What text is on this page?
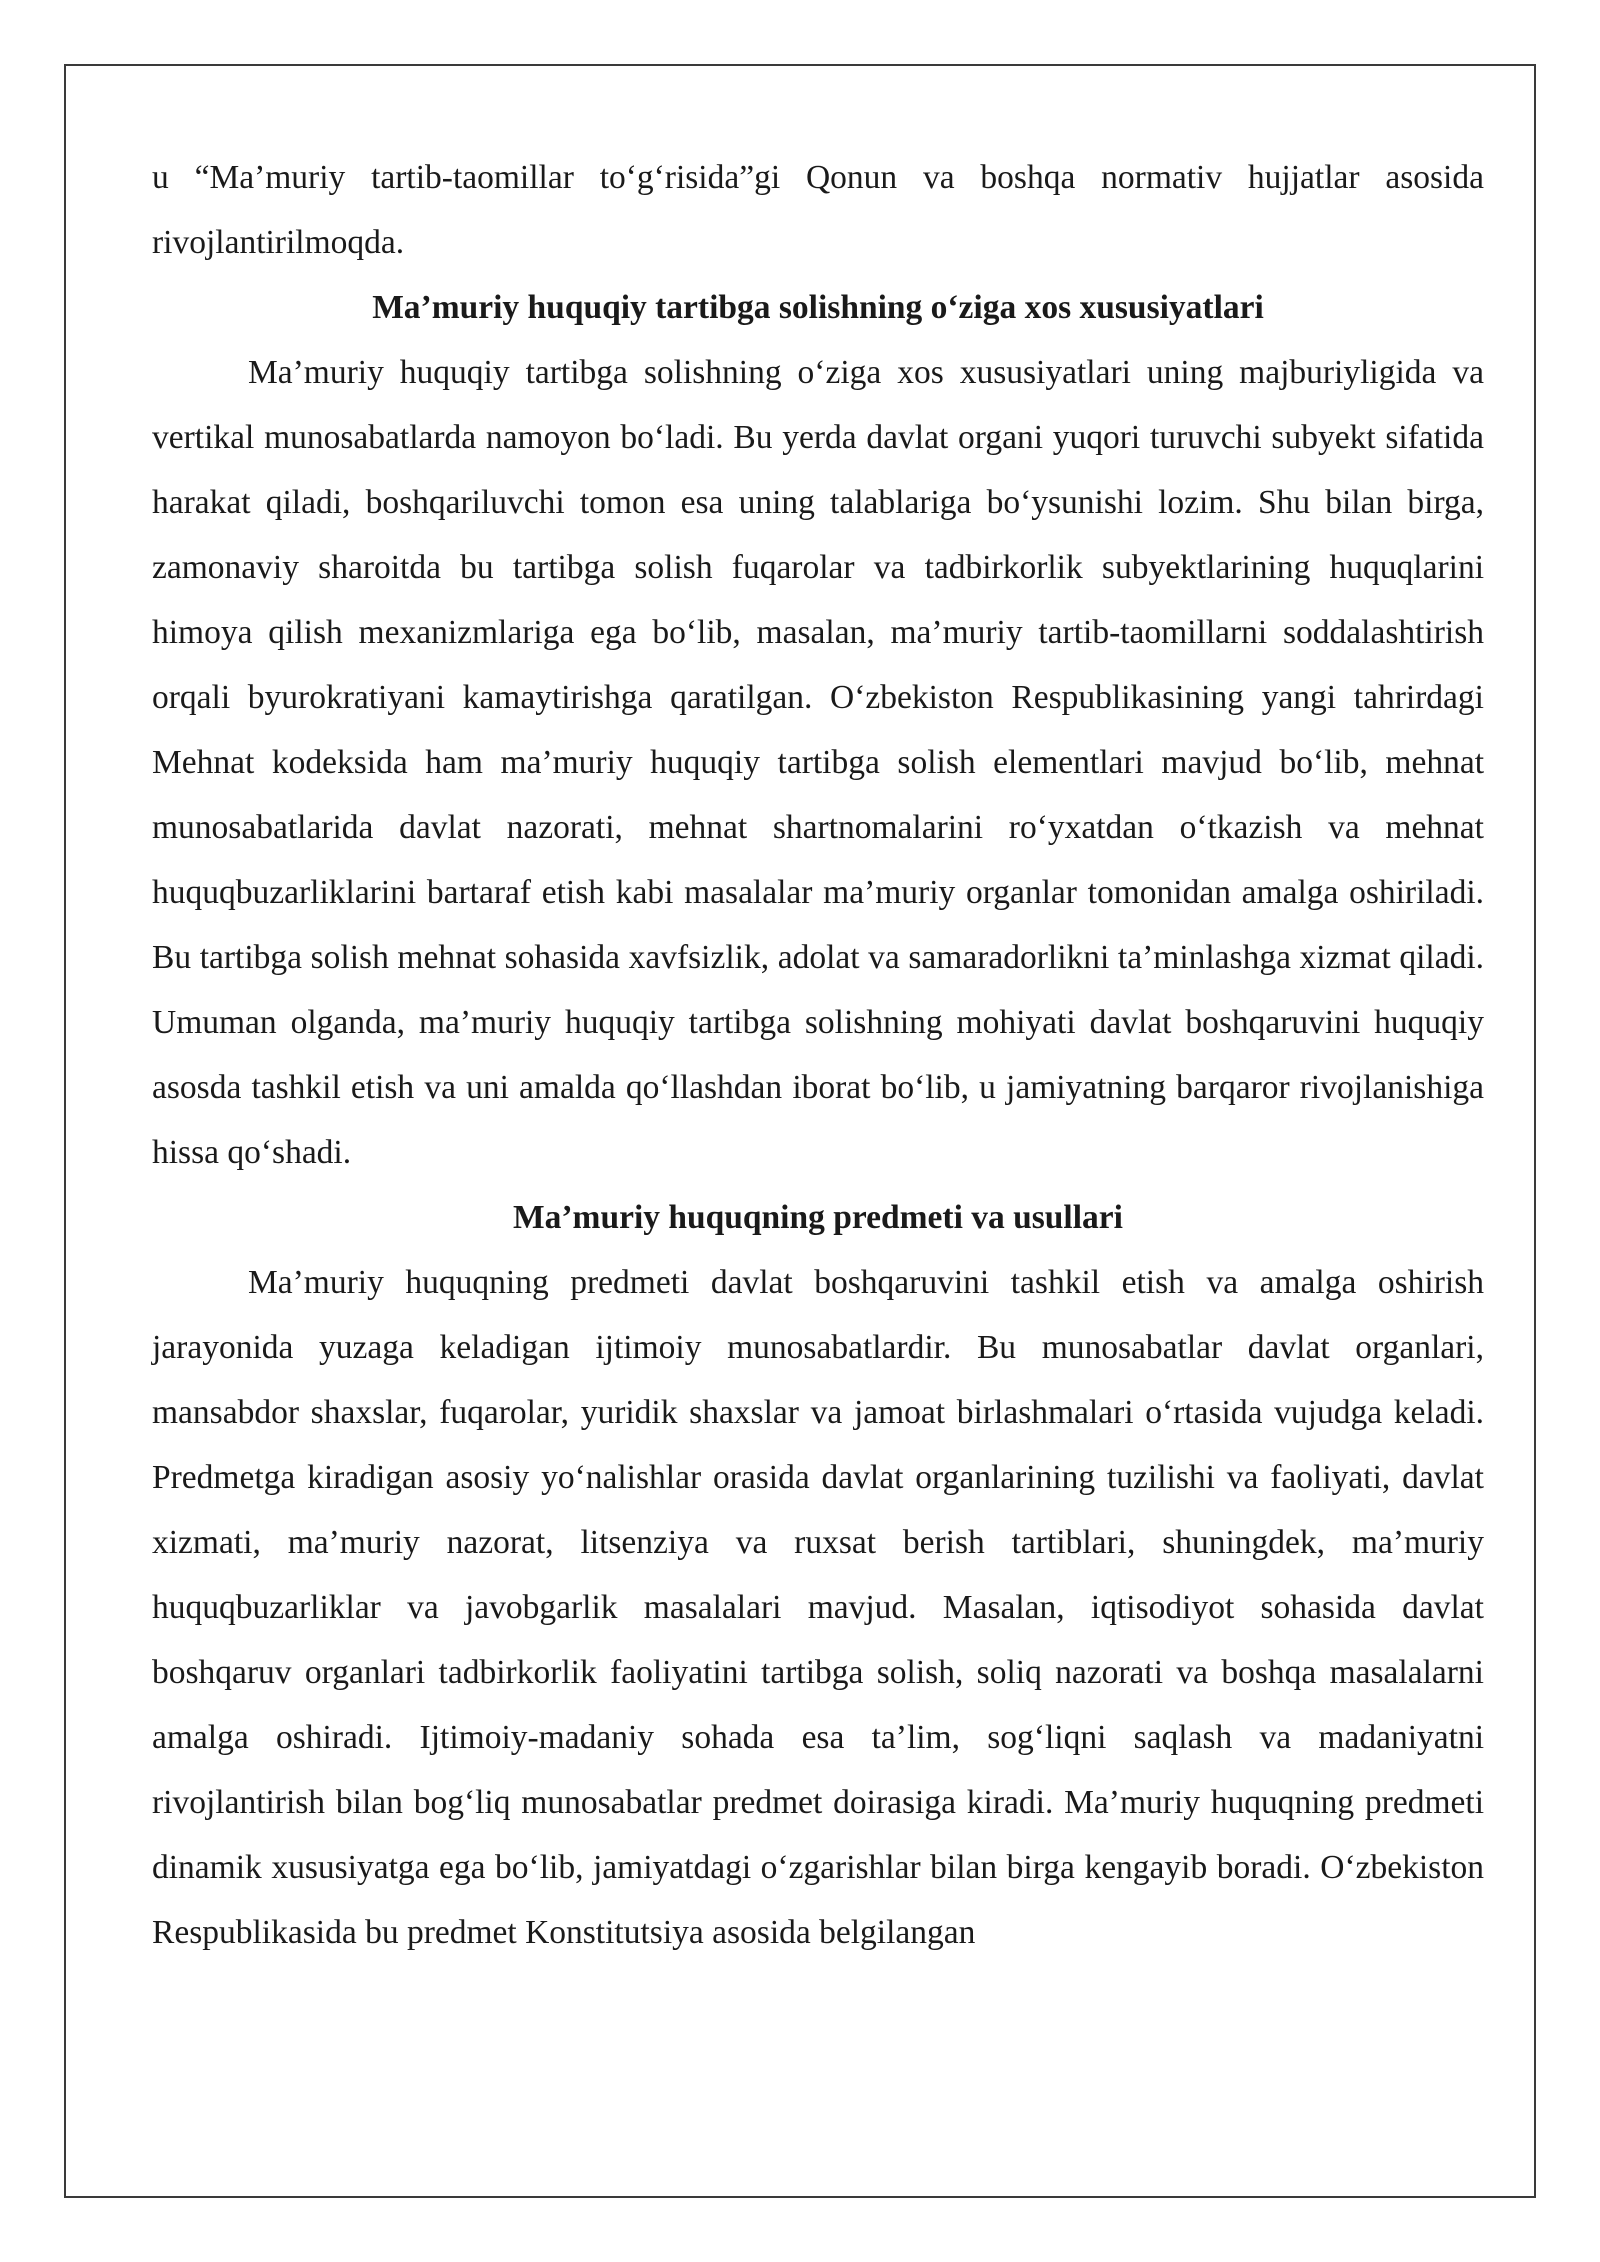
u “Ma’muriy tartib-taomillar to‘g‘risida”gi Qonun va boshqa normativ hujjatlar asosida rivojlantirilmoqda.

Ma’muriy huquqiy tartibga solishning o‘ziga xos xususiyatlari

Ma’muriy huquqiy tartibga solishning o‘ziga xos xususiyatlari uning majburiyligida va vertikal munosabatlarda namoyon bo‘ladi. Bu yerda davlat organi yuqori turuvchi subyekt sifatida harakat qiladi, boshqariluvchi tomon esa uning talablariga bo‘ysunishi lozim. Shu bilan birga, zamonaviy sharoitda bu tartibga solish fuqarolar va tadbirkorlik subyektlarining huquqlarini himoya qilish mexanizmlariga ega bo‘lib, masalan, ma’muriy tartib-taomillarni soddalashtirish orqali byurokratiyani kamaytirishga qaratilgan. O‘zbekiston Respublikasining yangi tahrirdagi Mehnat kodeksida ham ma’muriy huquqiy tartibga solish elementlari mavjud bo‘lib, mehnat munosabatlarida davlat nazorati, mehnat shartnomalarini ro‘yxatdan o‘tkazish va mehnat huquqbuzarliklarini bartaraf etish kabi masalalar ma’muriy organlar tomonidan amalga oshiriladi. Bu tartibga solish mehnat sohasida xavfsizlik, adolat va samaradorlikni ta’minlashga xizmat qiladi. Umuman olganda, ma’muriy huquqiy tartibga solishning mohiyati davlat boshqaruvini huquqiy asosda tashkil etish va uni amalda qo‘llashdan iborat bo‘lib, u jamiyatning barqaror rivojlanishiga hissa qo‘shadi.

Ma’muriy huquqning predmeti va usullari

Ma’muriy huquqning predmeti davlat boshqaruvini tashkil etish va amalga oshirish jarayonida yuzaga keladigan ijtimoiy munosabatlardir. Bu munosabatlar davlat organlari, mansabdor shaxslar, fuqarolar, yuridik shaxslar va jamoat birlashmalari o‘rtasida vujudga keladi. Predmetga kiradigan asosiy yo‘nalishlar orasida davlat organlarining tuzilishi va faoliyati, davlat xizmati, ma’muriy nazorat, litsenziya va ruxsat berish tartiblari, shuningdek, ma’muriy huquqbuzarliklar va javobgarlik masalalari mavjud. Masalan, iqtisodiyot sohasida davlat boshqaruv organlari tadbirkorlik faoliyatini tartibga solish, soliq nazorati va boshqa masalalarni amalga oshiradi. Ijtimoiy-madaniy sohada esa ta’lim, sog‘liqni saqlash va madaniyatni rivojlantirish bilan bog‘liq munosabatlar predmet doirasiga kiradi. Ma’muriy huquqning predmeti dinamik xususiyatga ega bo‘lib, jamiyatdagi o‘zgarishlar bilan birga kengayib boradi. O‘zbekiston Respublikasida bu predmet Konstitutsiya asosida belgilangan
